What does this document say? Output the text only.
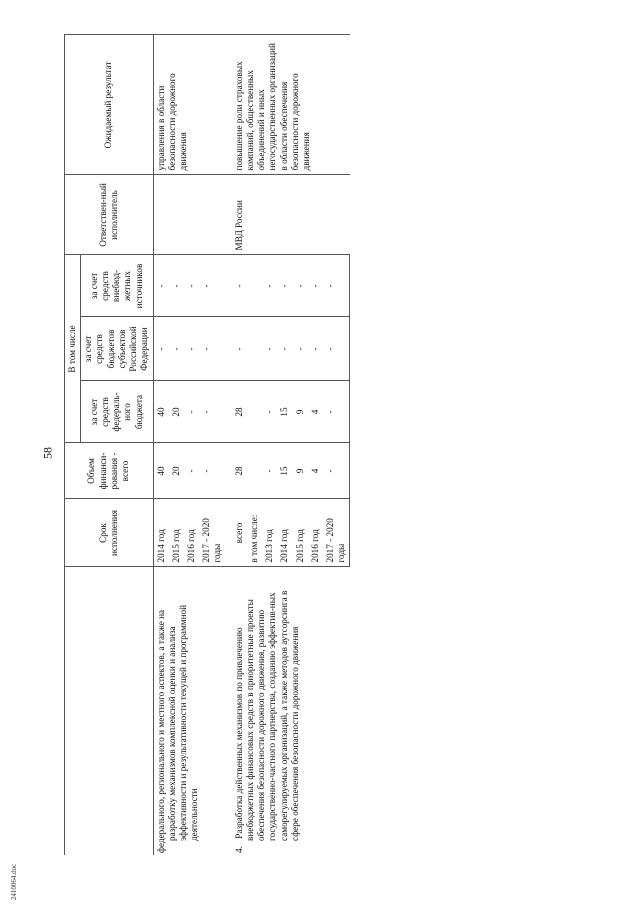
58
2410064.doc
	Срок исполнения	Объем финанси-рования - всего	В том числе			Ответствен-ный исполнитель	Ожидаемый результат
			за счет средств федераль-ного бюджета	за счет средств бюджетов субъектов Российской Федерации	за счет средств внебюд-жетных источников		
федерального, регионального и местного аспектов, а также на разработку механизмов комплексной оценки и анализа эффективности и результативности текущей и программной деятельности	2014 год	40	40	-	-		управления в области безопасности дорожного движения
	2015 год	20	20	-	-		
	2016 год	-	-	-	-		
	2017 - 2020 годы	-	-	-	-		

4. Разработка действенных механизмов по привлечению внебюджетных финансовых средств в приоритетные проекты обеспечения безопасности дорожного движения, развитию государственно-частного партнерства, созданию эффектив-ных саморегулируемых организаций, а также методов аутсорсинга в сфере обеспечения безопасности дорожного движения	всего	28	28	-	-	МВД России	повышение роли страховых компаний, общественных объединений и иных негосударственных организаций в области обеспечения безопасности дорожного движения
	в том числе:						
	2013 год	-	-	-	-		
	2014 год	15	15	-	-		
	2015 год	9	9	-	-		
	2016 год	4	4	-	-		
	2017 - 2020 годы	-	-	-	-		
